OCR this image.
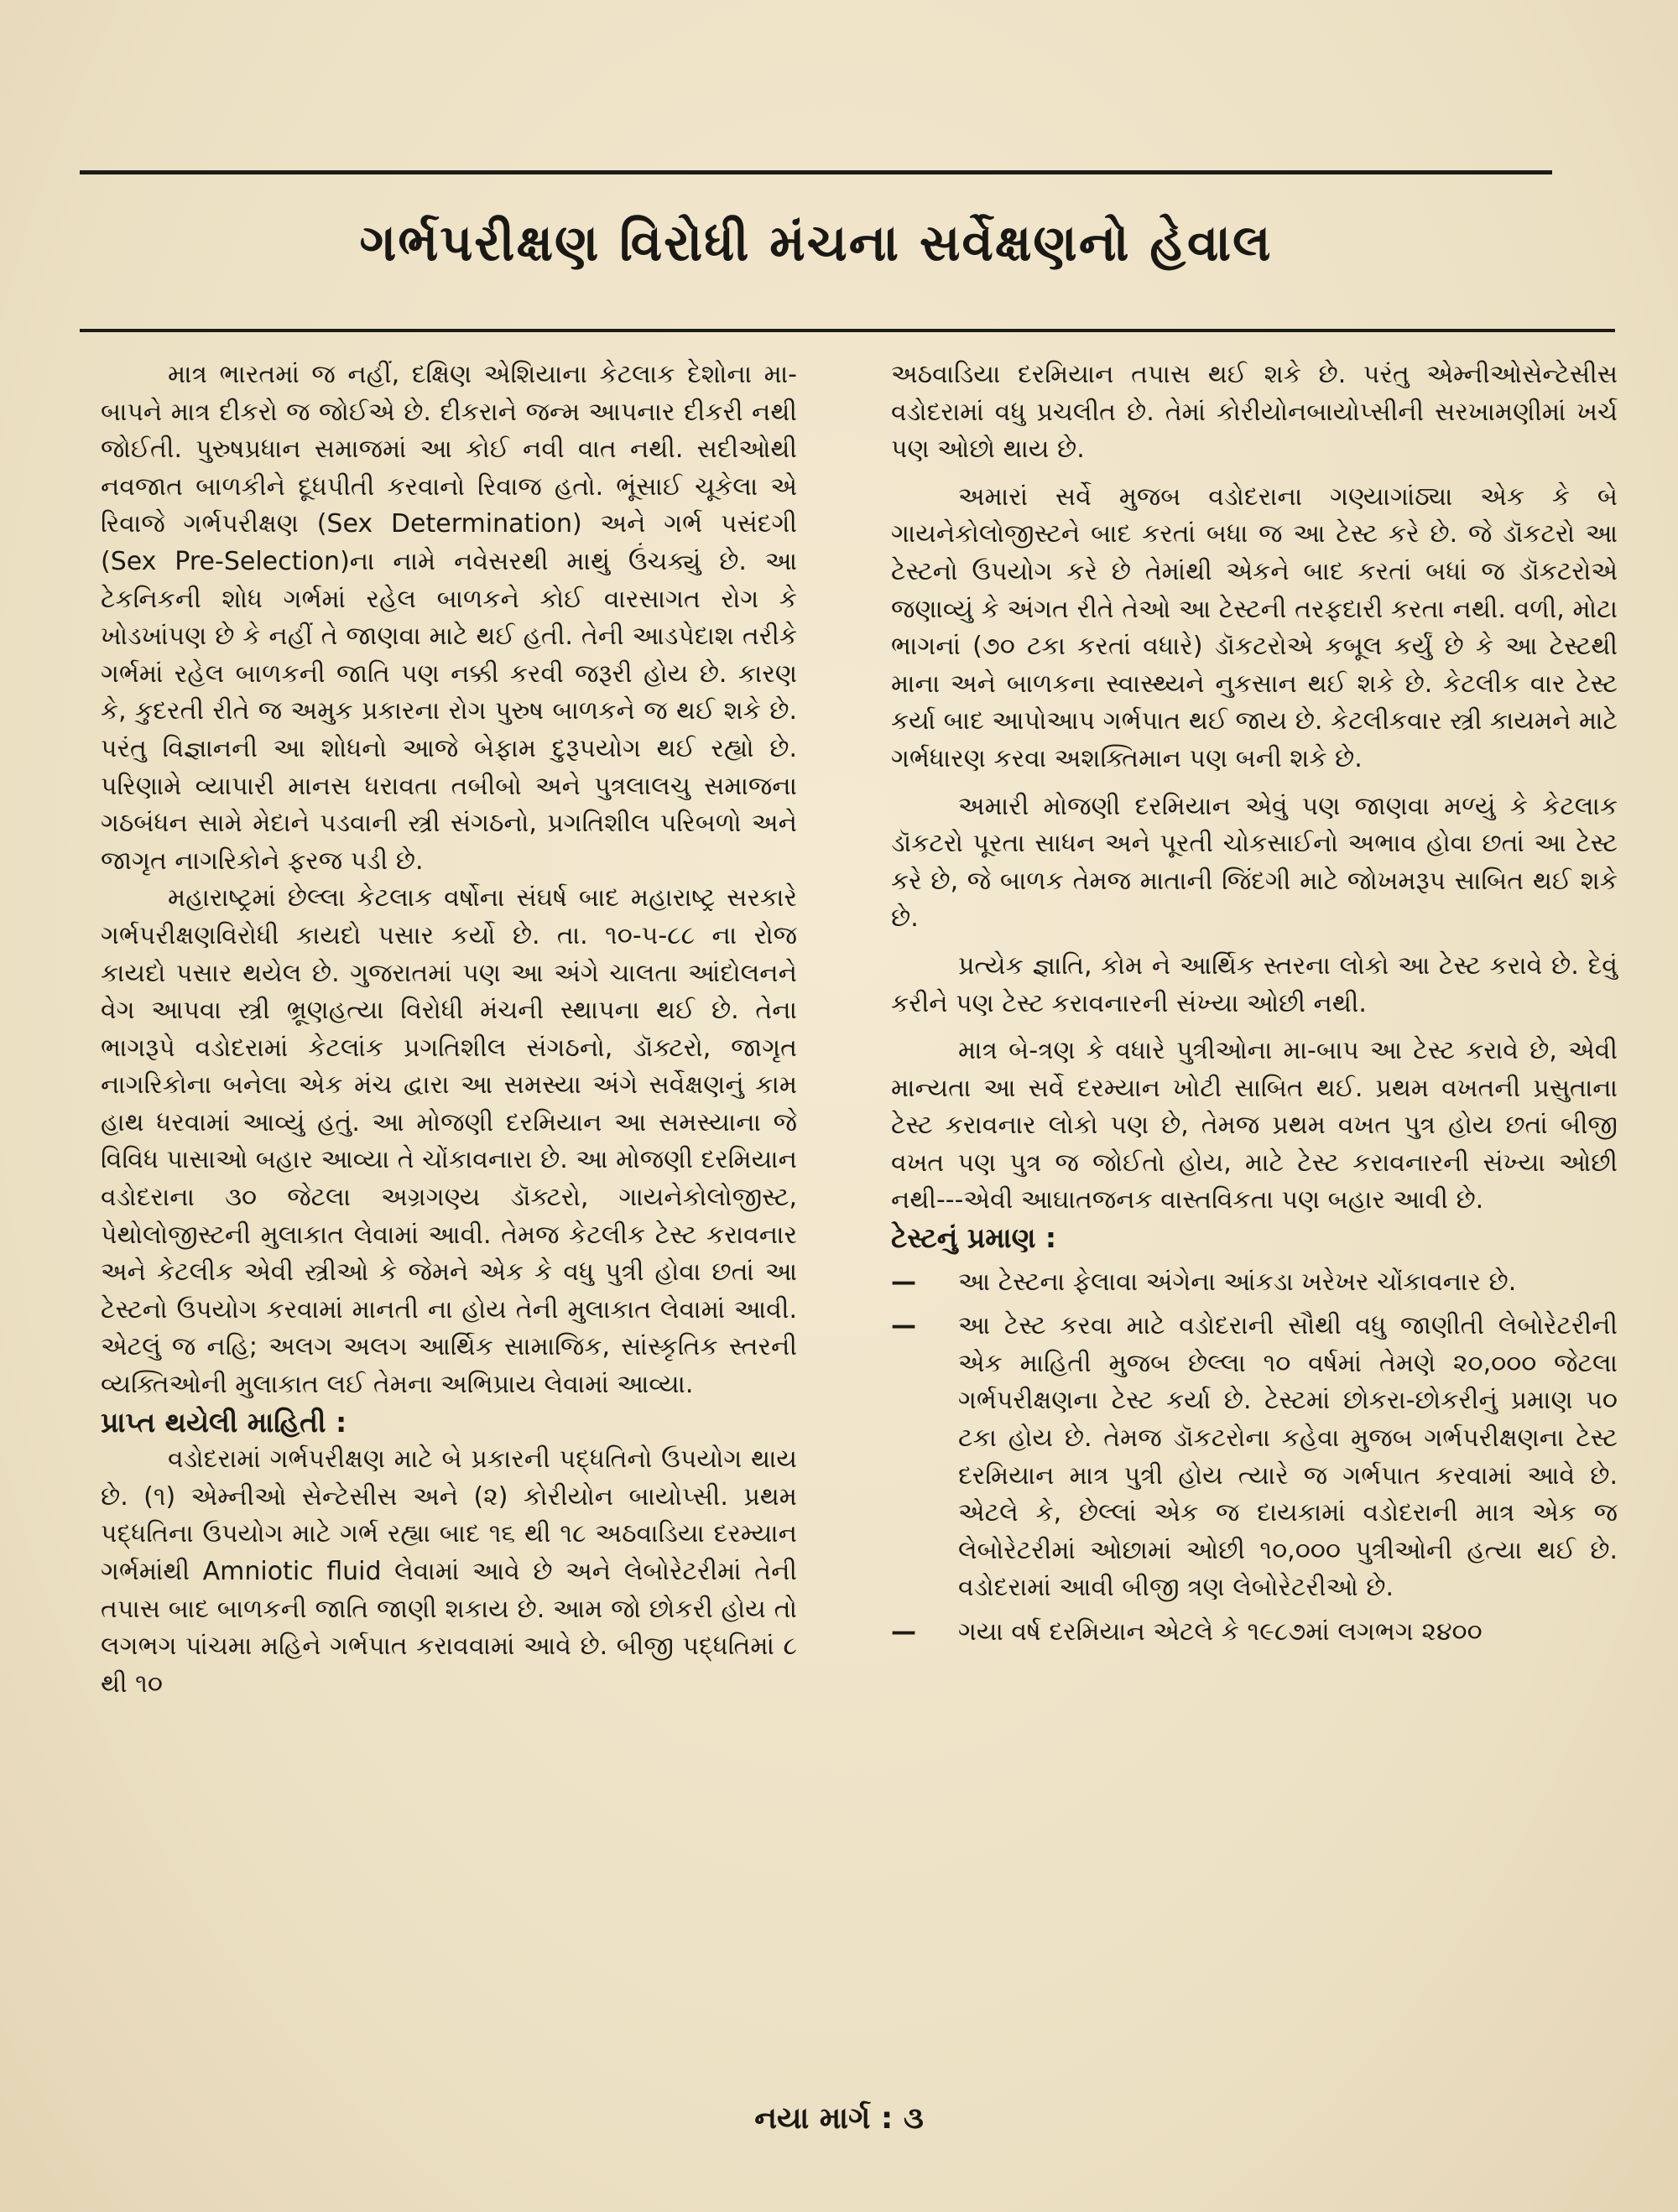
ગર્ભપરીક્ષણ વિરોધી મંચના સર્વેક્ષણનો હેવાલ

માત્ર ભારતમાં જ નહીં, દક્ષિણ એશિયાના કેટલાક દેશોના મા-બાપને માત્ર દીકરો જ જોઈએ છે. દીકરાને જન્મ આપનાર દીકરી નથી જોઈતી. પુરુષપ્રધાન સમાજમાં આ કોઈ નવી વાત નથી. સદીઓથી નવજાત બાળકીને દૂધપીતી કરવાનો રિવાજ હતો. ભૂંસાઈ ચૂકેલા એ રિવાજે ગર્ભપરીક્ષણ (Sex Determination) અને ગર્ભ પસંદગી (Sex Pre-Selection)ના નામે નવેસરથી માથું ઉંચક્યું છે. આ ટેકનિકની શોધ ગર્ભમાં રહેલ બાળકને કોઈ વારસાગત રોગ કે ખોડખાંપણ છે કે નહીં તે જાણવા માટે થઈ હતી. તેની આડપેદાશ તરીકે ગર્ભમાં રહેલ બાળકની જાતિ પણ નક્કી કરવી જરૂરી હોય છે. કારણ કે, કુદરતી રીતે જ અમુક પ્રકારના રોગ પુરુષ બાળકને જ થઈ શકે છે. પરંતુ વિજ્ઞાનની આ શોધનો આજે બેફામ દુરૂપયોગ થઈ રહ્યો છે. પરિણામે વ્યાપારી માનસ ધરાવતા તબીબો અને પુત્રલાલચુ સમાજના ગઠબંધન સામે મેદાને પડવાની સ્ત્રી સંગઠનો, પ્રગતિશીલ પરિબળો અને જાગૃત નાગરિકોને ફરજ પડી છે.

મહારાષ્ટ્રમાં છેલ્લા કેટલાક વર્ષોના સંઘર્ષ બાદ મહારાષ્ટ્ર સરકારે ગર્ભપરીક્ષણવિરોધી કાયદો પસાર કર્યો છે. તા. ૧૦-૫-૮૮ ના રોજ કાયદો પસાર થયેલ છે. ગુજરાતમાં પણ આ અંગે ચાલતા આંદોલનને વેગ આપવા સ્ત્રી ભ્રૂણહત્યા વિરોધી મંચની સ્થાપના થઈ છે. તેના ભાગરૂપે વડોદરામાં કેટલાંક પ્રગતિશીલ સંગઠનો, ડૉક્ટરો, જાગૃત નાગરિકોના બનેલા એક મંચ દ્વારા આ સમસ્યા અંગે સર્વેક્ષણનું કામ હાથ ધરવામાં આવ્યું હતું. આ મોજણી દરમિયાન આ સમસ્યાના જે વિવિધ પાસાઓ બહાર આવ્યા તે ચોંકાવનારા છે. આ મોજણી દરમિયાન વડોદરાના ૩૦ જેટલા અગ્રગણ્ય ડૉક્ટરો, ગાયનેકોલોજીસ્ટ, પેથોલોજીસ્ટની મુલાકાત લેવામાં આવી. તેમજ કેટલીક ટેસ્ટ કરાવનાર અને કેટલીક એવી સ્ત્રીઓ કે જેમને એક કે વધુ પુત્રી હોવા છતાં આ ટેસ્ટનો ઉપયોગ કરવામાં માનતી ના હોય તેની મુલાકાત લેવામાં આવી. એટલું જ નહિ; અલગ અલગ આર્થિક સામાજિક, સાંસ્કૃતિક સ્તરની વ્યક્તિઓની મુલાકાત લઈ તેમના અભિપ્રાય લેવામાં આવ્યા.

પ્રાપ્ત થયેલી માહિતી :

વડોદરામાં ગર્ભપરીક્ષણ માટે બે પ્રકારની પદ્ધતિનો ઉપયોગ થાય છે. (૧) એમ્નીઓ સેન્ટેસીસ અને (૨) કોરીયોન બાયોપ્સી. પ્રથમ પદ્ધતિના ઉપયોગ માટે ગર્ભ રહ્યા બાદ ૧૬ થી ૧૮ અઠવાડિયા દરમ્યાન ગર્ભમાંથી Amniotic fluid લેવામાં આવે છે અને લેબોરેટરીમાં તેની તપાસ બાદ બાળકની જાતિ જાણી શકાય છે. આમ જો છોકરી હોય તો લગભગ પાંચમા મહિને ગર્ભપાત કરાવવામાં આવે છે. બીજી પદ્ધતિમાં ૮ થી ૧૦

અઠવાડિયા દરમિયાન તપાસ થઈ શકે છે. પરંતુ એમ્નીઓસેન્ટેસીસ વડોદરામાં વધુ પ્રચલીત છે. તેમાં કોરીયોનબાયોપ્સીની સરખામણીમાં ખર્ચ પણ ઓછો થાય છે.

અમારાં સર્વે મુજબ વડોદરાના ગણ્યાગાંઠ્યા એક કે બે ગાયનેકોલોજીસ્ટને બાદ કરતાં બધા જ આ ટેસ્ટ કરે છે. જે ડૉકટરો આ ટેસ્ટનો ઉપયોગ કરે છે તેમાંથી એકને બાદ કરતાં બધાં જ ડૉકટરોએ જણાવ્યું કે અંગત રીતે તેઓ આ ટેસ્ટની તરફદારી કરતા નથી. વળી, મોટા ભાગનાં (૭૦ ટકા કરતાં વધારે) ડૉકટરોએ કબૂલ કર્યું છે કે આ ટેસ્ટથી માના અને બાળકના સ્વાસ્થ્યને નુકસાન થઈ શકે છે. કેટલીક વાર ટેસ્ટ કર્યા બાદ આપોઆપ ગર્ભપાત થઈ જાય છે. કેટલીકવાર સ્ત્રી કાયમને માટે ગર્ભધારણ કરવા અશક્તિમાન પણ બની શકે છે.

અમારી મોજણી દરમિયાન એવું પણ જાણવા મળ્યું કે કેટલાક ડૉકટરો પૂરતા સાધન અને પૂરતી ચોકસાઈનો અભાવ હોવા છતાં આ ટેસ્ટ કરે છે, જે બાળક તેમજ માતાની જિંદગી માટે જોખમરૂપ સાબિત થઈ શકે છે.

પ્રત્યેક જ્ઞાતિ, કોમ ને આર્થિક સ્તરના લોકો આ ટેસ્ટ કરાવે છે. દેવું કરીને પણ ટેસ્ટ કરાવનારની સંખ્યા ઓછી નથી.

માત્ર બે-ત્રણ કે વધારે પુત્રીઓના મા-બાપ આ ટેસ્ટ કરાવે છે, એવી માન્યતા આ સર્વે દરમ્યાન ખોટી સાબિત થઈ. પ્રથમ વખતની પ્રસુતાના ટેસ્ટ કરાવનાર લોકો પણ છે, તેમજ પ્રથમ વખત પુત્ર હોય છતાં બીજી વખત પણ પુત્ર જ જોઈતો હોય, માટે ટેસ્ટ કરાવનારની સંખ્યા ઓછી નથી---એવી આઘાતજનક વાસ્તવિકતા પણ બહાર આવી છે.

ટેસ્ટનું પ્રમાણ :

—	આ ટેસ્ટના ફેલાવા અંગેના આંકડા ખરેખર ચોંકાવનાર છે.
—	આ ટેસ્ટ કરવા માટે વડોદરાની સૌથી વધુ જાણીતી લેબોરેટરીની એક માહિતી મુજબ છેલ્લા ૧૦ વર્ષમાં તેમણે ૨૦,૦૦૦ જેટલા ગર્ભપરીક્ષણના ટેસ્ટ કર્યા છે. ટેસ્ટમાં છોકરા-છોકરીનું પ્રમાણ ૫૦ ટકા હોય છે. તેમજ ડૉકટરોના કહેવા મુજબ ગર્ભપરીક્ષણના ટેસ્ટ દરમિયાન માત્ર પુત્રી હોય ત્યારે જ ગર્ભપાત કરવામાં આવે છે. એટલે કે, છેલ્લાં એક જ દાયકામાં વડોદરાની માત્ર એક જ લેબોરેટરીમાં ઓછામાં ઓછી ૧૦,૦૦૦ પુત્રીઓની હત્યા થઈ છે. વડોદરામાં આવી બીજી ત્રણ લેબોરેટરીઓ છે.
—	ગયા વર્ષ દરમિયાન એટલે કે ૧૯૮૭માં લગભગ ૨૪૦૦
નયા માર્ગ : ૩
